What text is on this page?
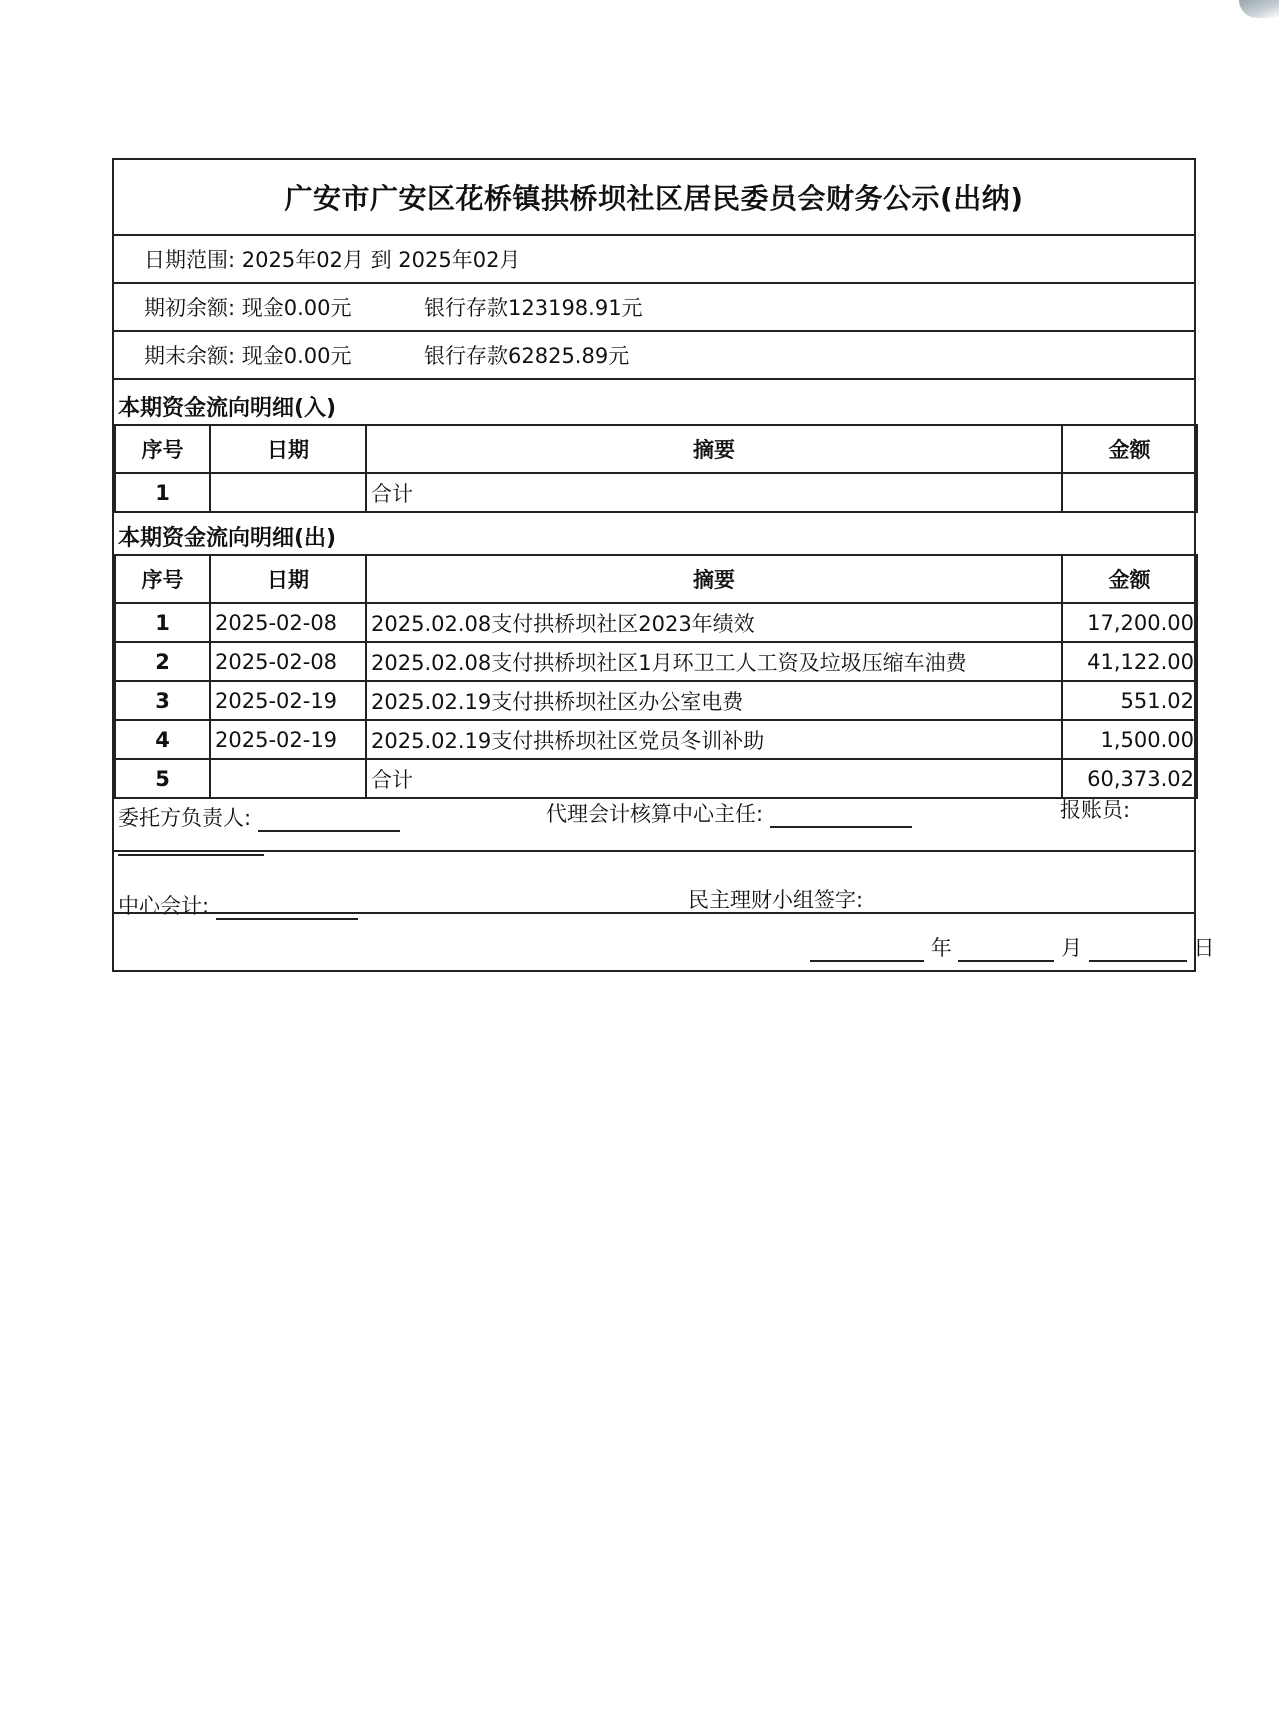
广安市广安区花桥镇拱桥坝社区居民委员会财务公示(出纳)
日期范围: 2025年02月 到 2025年02月
期初余额: 现金0.00元	银行存款123198.91元
期末余额: 现金0.00元	银行存款62825.89元
本期资金流向明细(入)
序号	日期	摘要	金额
1		合计	
本期资金流向明细(出)
序号	日期	摘要	金额
1	2025-02-08	2025.02.08支付拱桥坝社区2023年绩效	17,200.00
2	2025-02-08	2025.02.08支付拱桥坝社区1月环卫工人工资及垃圾压缩车油费	41,122.00
3	2025-02-19	2025.02.19支付拱桥坝社区办公室电费	551.02
4	2025-02-19	2025.02.19支付拱桥坝社区党员冬训补助	1,500.00
5		合计	60,373.02
委托方负责人:	代理会计核算中心主任:	报账员:
中心会计:	民主理财小组签字:
年	月	日
